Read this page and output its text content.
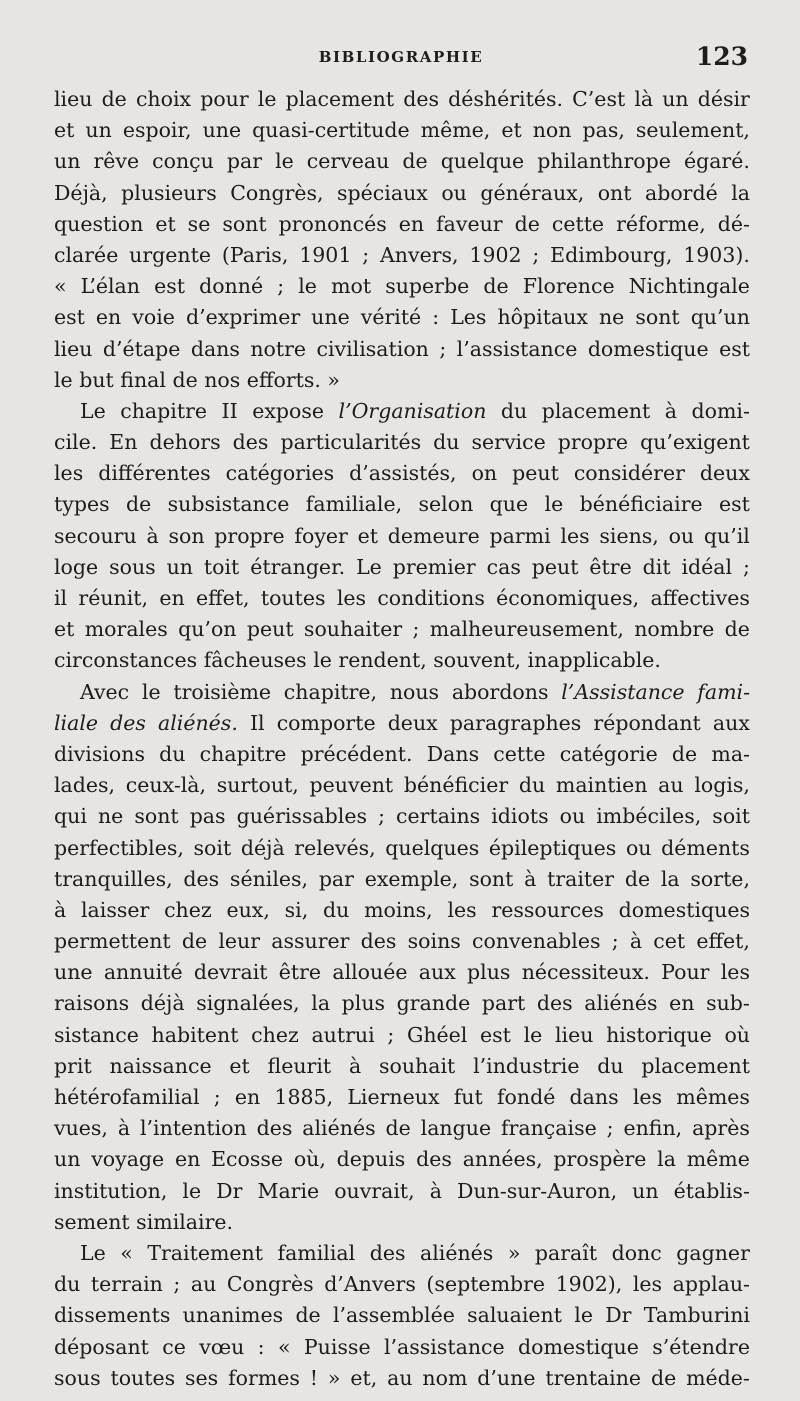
BIBLIOGRAPHIE	123
lieu de choix pour le placement des déshérités. C’est là un désir
et un espoir, une quasi-certitude même, et non pas, seulement,
un rêve conçu par le cerveau de quelque philanthrope égaré.
Déjà, plusieurs Congrès, spéciaux ou généraux, ont abordé la
question et se sont prononcés en faveur de cette réforme, dé-
clarée urgente (Paris, 1901 ; Anvers, 1902 ; Edimbourg, 1903).
« L’élan est donné ; le mot superbe de Florence Nichtingale
est en voie d’exprimer une vérité : Les hôpitaux ne sont qu’un
lieu d’étape dans notre civilisation ; l’assistance domestique est
le but final de nos efforts. »
Le chapitre II expose l’Organisation du placement à domi-
cile. En dehors des particularités du service propre qu’exigent
les différentes catégories d’assistés, on peut considérer deux
types de subsistance familiale, selon que le bénéficiaire est
secouru à son propre foyer et demeure parmi les siens, ou qu’il
loge sous un toit étranger. Le premier cas peut être dit idéal ;
il réunit, en effet, toutes les conditions économiques, affectives
et morales qu’on peut souhaiter ; malheureusement, nombre de
circonstances fâcheuses le rendent, souvent, inapplicable.
Avec le troisième chapitre, nous abordons l’Assistance fami-
liale des aliénés. Il comporte deux paragraphes répondant aux
divisions du chapitre précédent. Dans cette catégorie de ma-
lades, ceux-là, surtout, peuvent bénéficier du maintien au logis,
qui ne sont pas guérissables ; certains idiots ou imbéciles, soit
perfectibles, soit déjà relevés, quelques épileptiques ou déments
tranquilles, des séniles, par exemple, sont à traiter de la sorte,
à laisser chez eux, si, du moins, les ressources domestiques
permettent de leur assurer des soins convenables ; à cet effet,
une annuité devrait être allouée aux plus nécessiteux. Pour les
raisons déjà signalées, la plus grande part des aliénés en sub-
sistance habitent chez autrui ; Ghéel est le lieu historique où
prit naissance et fleurit à souhait l’industrie du placement
hétérofamilial ; en 1885, Lierneux fut fondé dans les mêmes
vues, à l’intention des aliénés de langue française ; enfin, après
un voyage en Ecosse où, depuis des années, prospère la même
institution, le Dr Marie ouvrait, à Dun-sur-Auron, un établis-
sement similaire.
Le « Traitement familial des aliénés » paraît donc gagner
du terrain ; au Congrès d’Anvers (septembre 1902), les applau-
dissements unanimes de l’assemblée saluaient le Dr Tamburini
déposant ce vœu : « Puisse l’assistance domestique s’étendre
sous toutes ses formes ! » et, au nom d’une trentaine de méde-
